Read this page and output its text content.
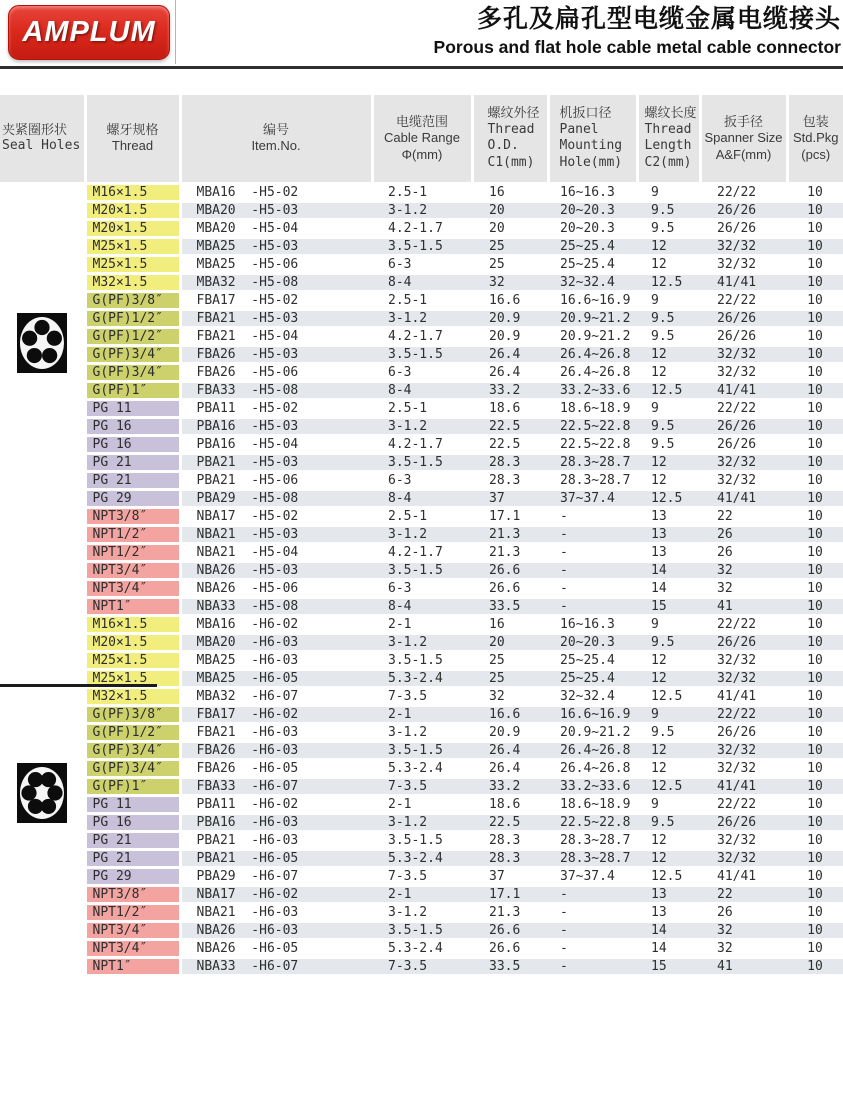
AMPLUM	多孔及扁孔型电缆金属电缆接头
Porous and flat hole cable metal cable connector
夹紧圈形状
Seal Holes

螺牙规格
Thread

编号
Item.No.

电缆范围
Cable Range
Φ(mm)

螺纹外径
Thread
O.D.
C1(mm)

机扳口径
Panel
Mounting
Hole(mm)

螺纹长度
Thread
Length
C2(mm)

扳手径
Spanner Size
A&F(mm)

包装
Std.Pkg
(pcs)

	M16×1.5	MBA16  -H5-02	2.5-1	16	16~16.3	9	22/22	10
	M20×1.5	MBA20  -H5-03	3-1.2	20	20~20.3	9.5	26/26	10
	M20×1.5	MBA20  -H5-04	4.2-1.7	20	20~20.3	9.5	26/26	10
	M25×1.5	MBA25  -H5-03	3.5-1.5	25	25~25.4	12	32/32	10
	M25×1.5	MBA25  -H5-06	6-3	25	25~25.4	12	32/32	10
	M32×1.5	MBA32  -H5-08	8-4	32	32~32.4	12.5	41/41	10
	G(PF)3/8″	FBA17  -H5-02	2.5-1	16.6	16.6~16.9	9	22/22	10
	G(PF)1/2″	FBA21  -H5-03	3-1.2	20.9	20.9~21.2	9.5	26/26	10
	G(PF)1/2″	FBA21  -H5-04	4.2-1.7	20.9	20.9~21.2	9.5	26/26	10
	G(PF)3/4″	FBA26  -H5-03	3.5-1.5	26.4	26.4~26.8	12	32/32	10
	G(PF)3/4″	FBA26  -H5-06	6-3	26.4	26.4~26.8	12	32/32	10
	G(PF)1″	FBA33  -H5-08	8-4	33.2	33.2~33.6	12.5	41/41	10
	PG 11	PBA11  -H5-02	2.5-1	18.6	18.6~18.9	9	22/22	10
	PG 16	PBA16  -H5-03	3-1.2	22.5	22.5~22.8	9.5	26/26	10
	PG 16	PBA16  -H5-04	4.2-1.7	22.5	22.5~22.8	9.5	26/26	10
	PG 21	PBA21  -H5-03	3.5-1.5	28.3	28.3~28.7	12	32/32	10
	PG 21	PBA21  -H5-06	6-3	28.3	28.3~28.7	12	32/32	10
	PG 29	PBA29  -H5-08	8-4	37	37~37.4	12.5	41/41	10
	NPT3/8″	NBA17  -H5-02	2.5-1	17.1	-	13	22	10
	NPT1/2″	NBA21  -H5-03	3-1.2	21.3	-	13	26	10
	NPT1/2″	NBA21  -H5-04	4.2-1.7	21.3	-	13	26	10
	NPT3/4″	NBA26  -H5-03	3.5-1.5	26.6	-	14	32	10
	NPT3/4″	NBA26  -H5-06	6-3	26.6	-	14	32	10
	NPT1″	NBA33  -H5-08	8-4	33.5	-	15	41	10
	M16×1.5	MBA16  -H6-02	2-1	16	16~16.3	9	22/22	10
	M20×1.5	MBA20  -H6-03	3-1.2	20	20~20.3	9.5	26/26	10
	M25×1.5	MBA25  -H6-03	3.5-1.5	25	25~25.4	12	32/32	10
	M25×1.5	MBA25  -H6-05	5.3-2.4	25	25~25.4	12	32/32	10
	M32×1.5	MBA32  -H6-07	7-3.5	32	32~32.4	12.5	41/41	10
	G(PF)3/8″	FBA17  -H6-02	2-1	16.6	16.6~16.9	9	22/22	10
	G(PF)1/2″	FBA21  -H6-03	3-1.2	20.9	20.9~21.2	9.5	26/26	10
	G(PF)3/4″	FBA26  -H6-03	3.5-1.5	26.4	26.4~26.8	12	32/32	10
	G(PF)3/4″	FBA26  -H6-05	5.3-2.4	26.4	26.4~26.8	12	32/32	10
	G(PF)1″	FBA33  -H6-07	7-3.5	33.2	33.2~33.6	12.5	41/41	10
	PG 11	PBA11  -H6-02	2-1	18.6	18.6~18.9	9	22/22	10
	PG 16	PBA16  -H6-03	3-1.2	22.5	22.5~22.8	9.5	26/26	10
	PG 21	PBA21  -H6-03	3.5-1.5	28.3	28.3~28.7	12	32/32	10
	PG 21	PBA21  -H6-05	5.3-2.4	28.3	28.3~28.7	12	32/32	10
	PG 29	PBA29  -H6-07	7-3.5	37	37~37.4	12.5	41/41	10
	NPT3/8″	NBA17  -H6-02	2-1	17.1	-	13	22	10
	NPT1/2″	NBA21  -H6-03	3-1.2	21.3	-	13	26	10
	NPT3/4″	NBA26  -H6-03	3.5-1.5	26.6	-	14	32	10
	NPT3/4″	NBA26  -H6-05	5.3-2.4	26.6	-	14	32	10
	NPT1″	NBA33  -H6-07	7-3.5	33.5	-	15	41	10
